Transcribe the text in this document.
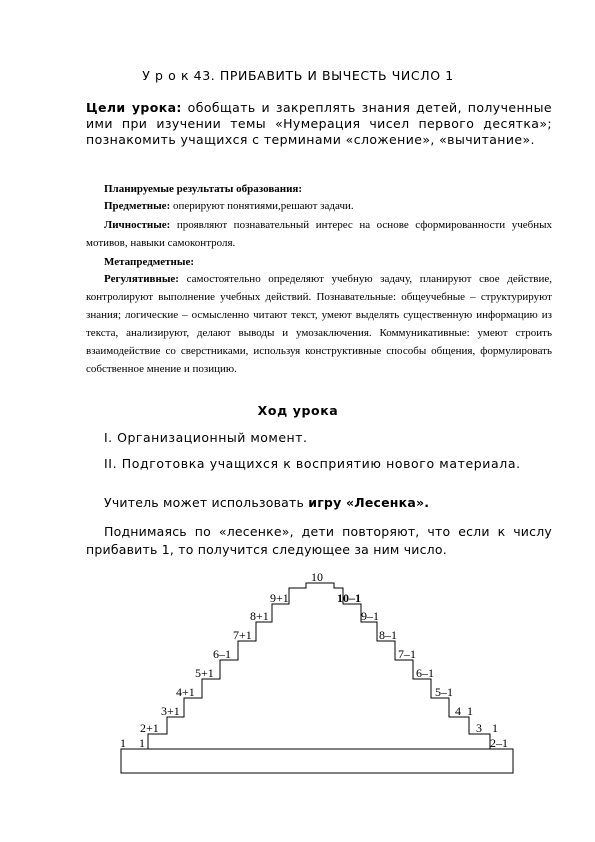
У р о к 43. ПРИБАВИТЬ И ВЫЧЕСТЬ ЧИСЛО 1
Цели урока: обобщать и закреплять знания детей, полученные ими при изучении темы «Нумерация чисел первого десятка»; познакомить учащихся с терминами «сложение», «вычитание».
Планируемые результаты образования:
Предметные: оперируют понятиями,решают задачи.
Личностные: проявляют познавательный интерес на основе сформированности учебных мотивов, навыки самоконтроля.
Метапредметные:
Регулятивные: самостоятельно определяют учебную задачу, планируют свое действие, контролируют выполнение учебных действий. Познавательные: общеучебные – структурируют знания; логические – осмысленно читают текст, умеют выделять существенную информацию из текста, анализируют, делают выводы и умозаключения. Коммуникативные: умеют строить взаимодействие со сверстниками, используя конструктивные способы общения, формулировать собственное мнение и позицию.
Ход урока
I. Организационный момент.
II. Подготовка учащихся к восприятию нового материала.
Учитель может использовать игру «Лесенка».
Поднимаясь по «лесенке», дети повторяют, что если к числу прибавить 1, то получится следующее за ним число.
10
1 1
2+1
3+1
4+1
5+1
6–1
7+1
8+1
9+1	10–1
9–1
8–1
7–1
6–1
5–1
4 1
3 1
2–1
